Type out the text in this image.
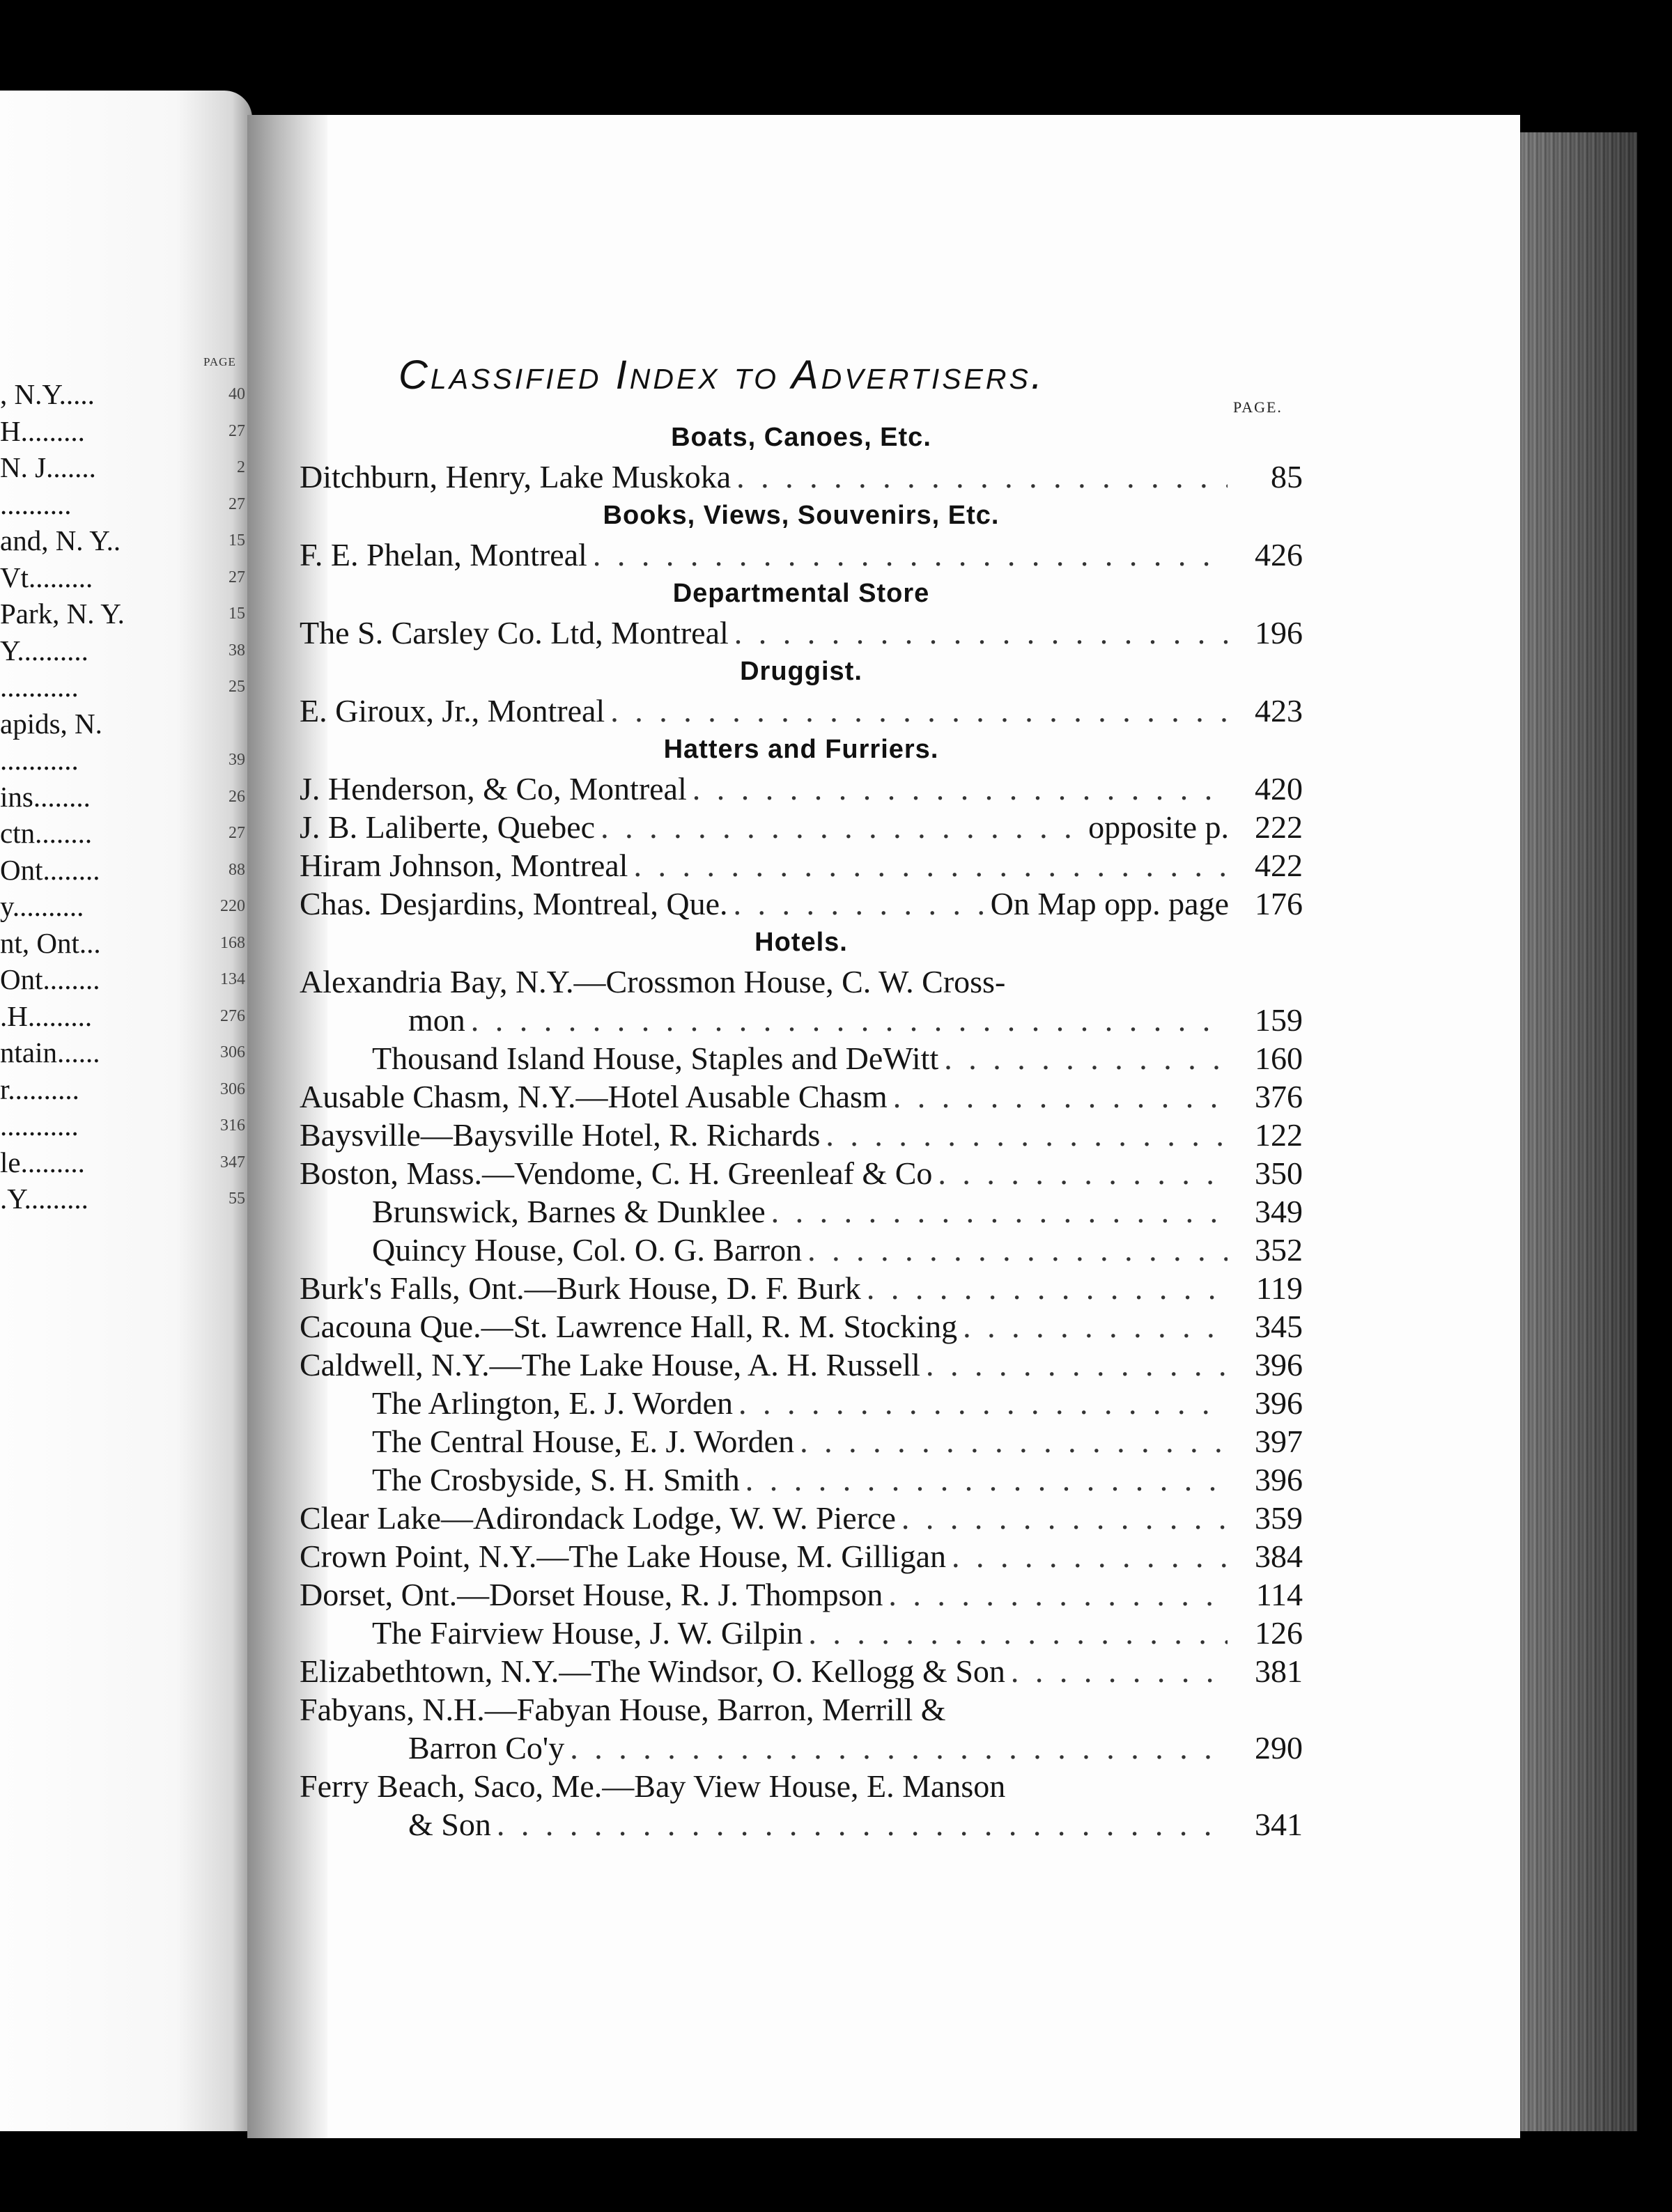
PAGE
, N.Y.....	40
H.........	27
N. J.......	2
..........	27
and, N. Y..	15
Vt.........	27
Park, N. Y.	15
Y..........	38
...........	25
apids, N.
...........	39
ins........	26
ctn........	27
Ont........	88
y..........	220
nt, Ont...	168
Ont........	134
.H.........	276
ntain......	306
r..........	306
...........	316
le.........	347
.Y.........	55
Classified Index to Advertisers.
PAGE.
Boats, Canoes, Etc.
Ditchburn, Henry, Lake Muskoka . . .	85
Books, Views, Souvenirs, Etc.
F. E. Phelan, Montreal . . .	426
Departmental Store
The S. Carsley Co. Ltd, Montreal . . .	196
Druggist.
E. Giroux, Jr., Montreal . . .	423
Hatters and Furriers.
J. Henderson, & Co, Montreal . . .	420
J. B. Laliberte, Quebec . . .	opposite p. 222
Hiram Johnson, Montreal . . .	422
Chas. Desjardins, Montreal, Que. . . .	On Map opp. page 176
Hotels.
Alexandria Bay, N.Y.—Crossmon House, C. W. Cross-
mon . . .	159
Thousand Island House, Staples and DeWitt . . .	160
Ausable Chasm, N.Y.—Hotel Ausable Chasm . . .	376
Baysville—Baysville Hotel, R. Richards . . .	122
Boston, Mass.—Vendome, C. H. Greenleaf & Co . . .	350
Brunswick, Barnes & Dunklee . . .	349
Quincy House, Col. O. G. Barron . . .	352
Burk's Falls, Ont.—Burk House, D. F. Burk . . .	119
Cacouna Que.—St. Lawrence Hall, R. M. Stocking . . .	345
Caldwell, N.Y.—The Lake House, A. H. Russell . . .	396
The Arlington, E. J. Worden . . .	396
The Central House, E. J. Worden . . .	397
The Crosbyside, S. H. Smith . . .	396
Clear Lake—Adirondack Lodge, W. W. Pierce . . .	359
Crown Point, N.Y.—The Lake House, M. Gilligan . . .	384
Dorset, Ont.—Dorset House, R. J. Thompson . . .	114
The Fairview House, J. W. Gilpin . . .	126
Elizabethtown, N.Y.—The Windsor, O. Kellogg & Son . . .	381
Fabyans, N.H.—Fabyan House, Barron, Merrill &
Barron Co'y . . .	290
Ferry Beach, Saco, Me.—Bay View House, E. Manson
& Son . . .	341
